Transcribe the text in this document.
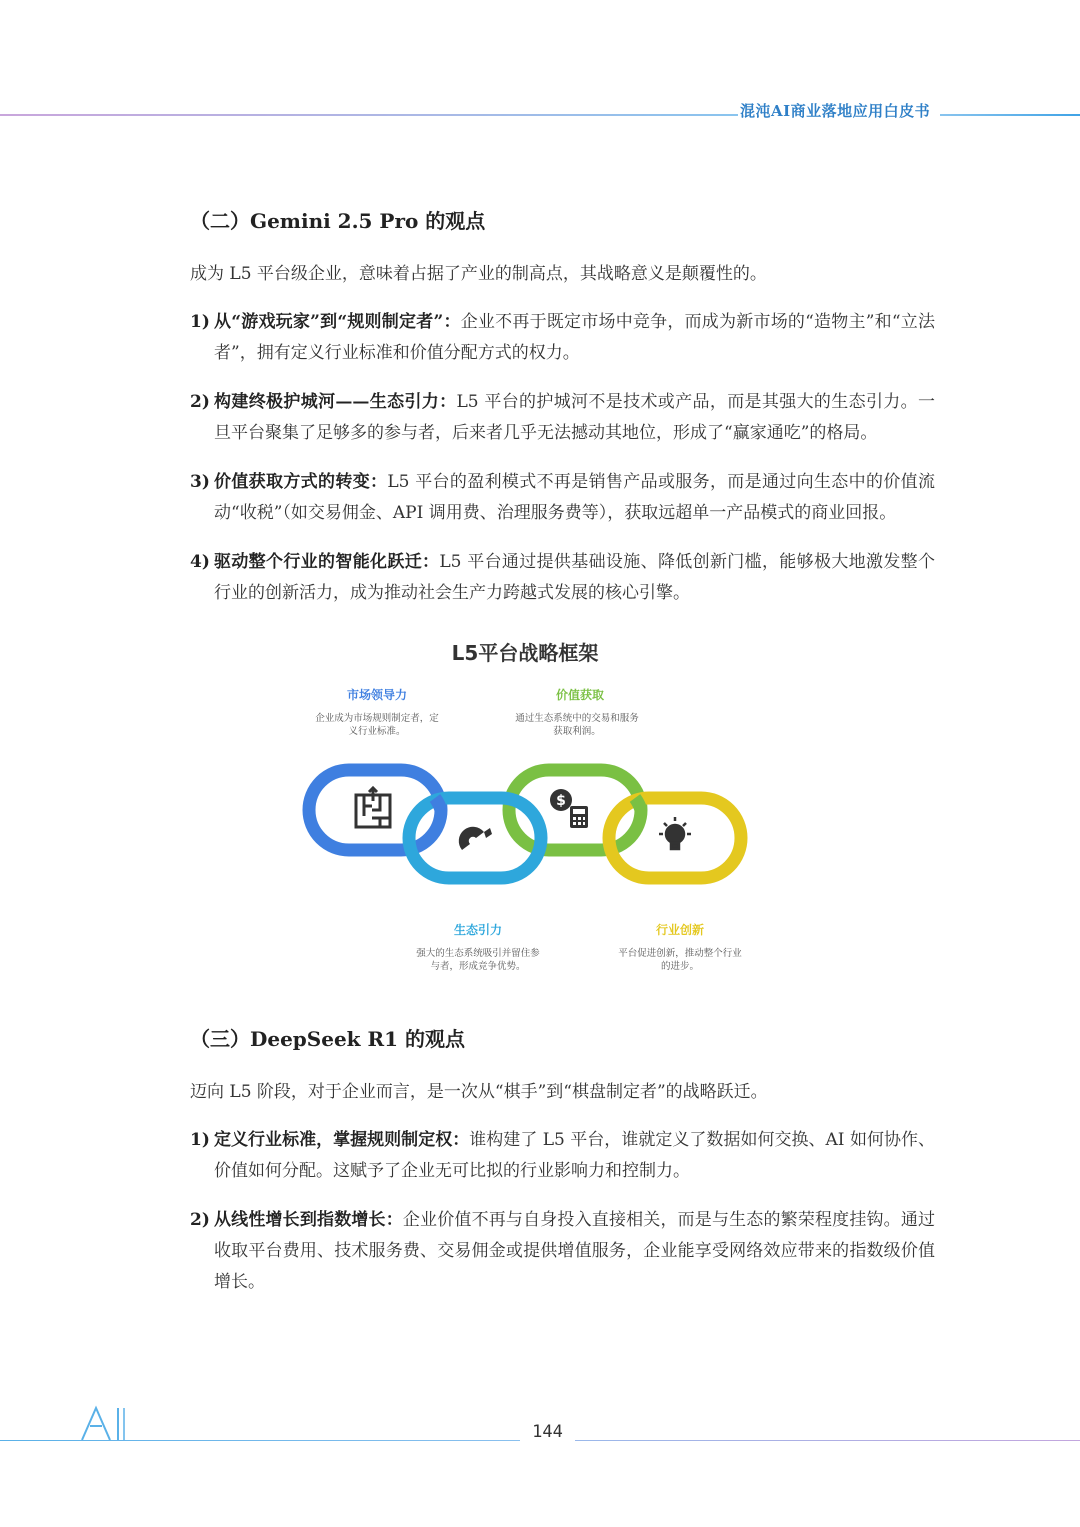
混沌AI商业落地应用白皮书
（二）Gemini 2.5 Pro 的观点
成为 L5 平台级企业，意味着占据了产业的制高点，其战略意义是颠覆性的。
1) 从“游戏玩家”到“规则制定者”：企业不再于既定市场中竞争，而成为新市场的“造物主”和“立法者”，拥有定义行业标准和价值分配方式的权力。
2) 构建终极护城河——生态引力：L5 平台的护城河不是技术或产品，而是其强大的生态引力。一旦平台聚集了足够多的参与者，后来者几乎无法撼动其地位，形成了“赢家通吃”的格局。
3) 价值获取方式的转变：L5 平台的盈利模式不再是销售产品或服务，而是通过向生态中的价值流动“收税”（如交易佣金、API 调用费、治理服务费等），获取远超单一产品模式的商业回报。
4) 驱动整个行业的智能化跃迁：L5 平台通过提供基础设施、降低创新门槛，能够极大地激发整个行业的创新活力，成为推动社会生产力跨越式发展的核心引擎。
L5平台战略框架
市场领导力
企业成为市场规则制定者，定义行业标准。
价值获取
通过生态系统中的交易和服务获取利润。
生态引力
强大的生态系统吸引并留住参与者，形成竞争优势。
行业创新
平台促进创新，推动整个行业的进步。
$
（三）DeepSeek R1 的观点
迈向 L5 阶段，对于企业而言，是一次从“棋手”到“棋盘制定者”的战略跃迁。
1) 定义行业标准，掌握规则制定权：谁构建了 L5 平台，谁就定义了数据如何交换、AI 如何协作、价值如何分配。这赋予了企业无可比拟的行业影响力和控制力。
2) 从线性增长到指数增长：企业价值不再与自身投入直接相关，而是与生态的繁荣程度挂钩。通过收取平台费用、技术服务费、交易佣金或提供增值服务，企业能享受网络效应带来的指数级价值增长。
AI
144
